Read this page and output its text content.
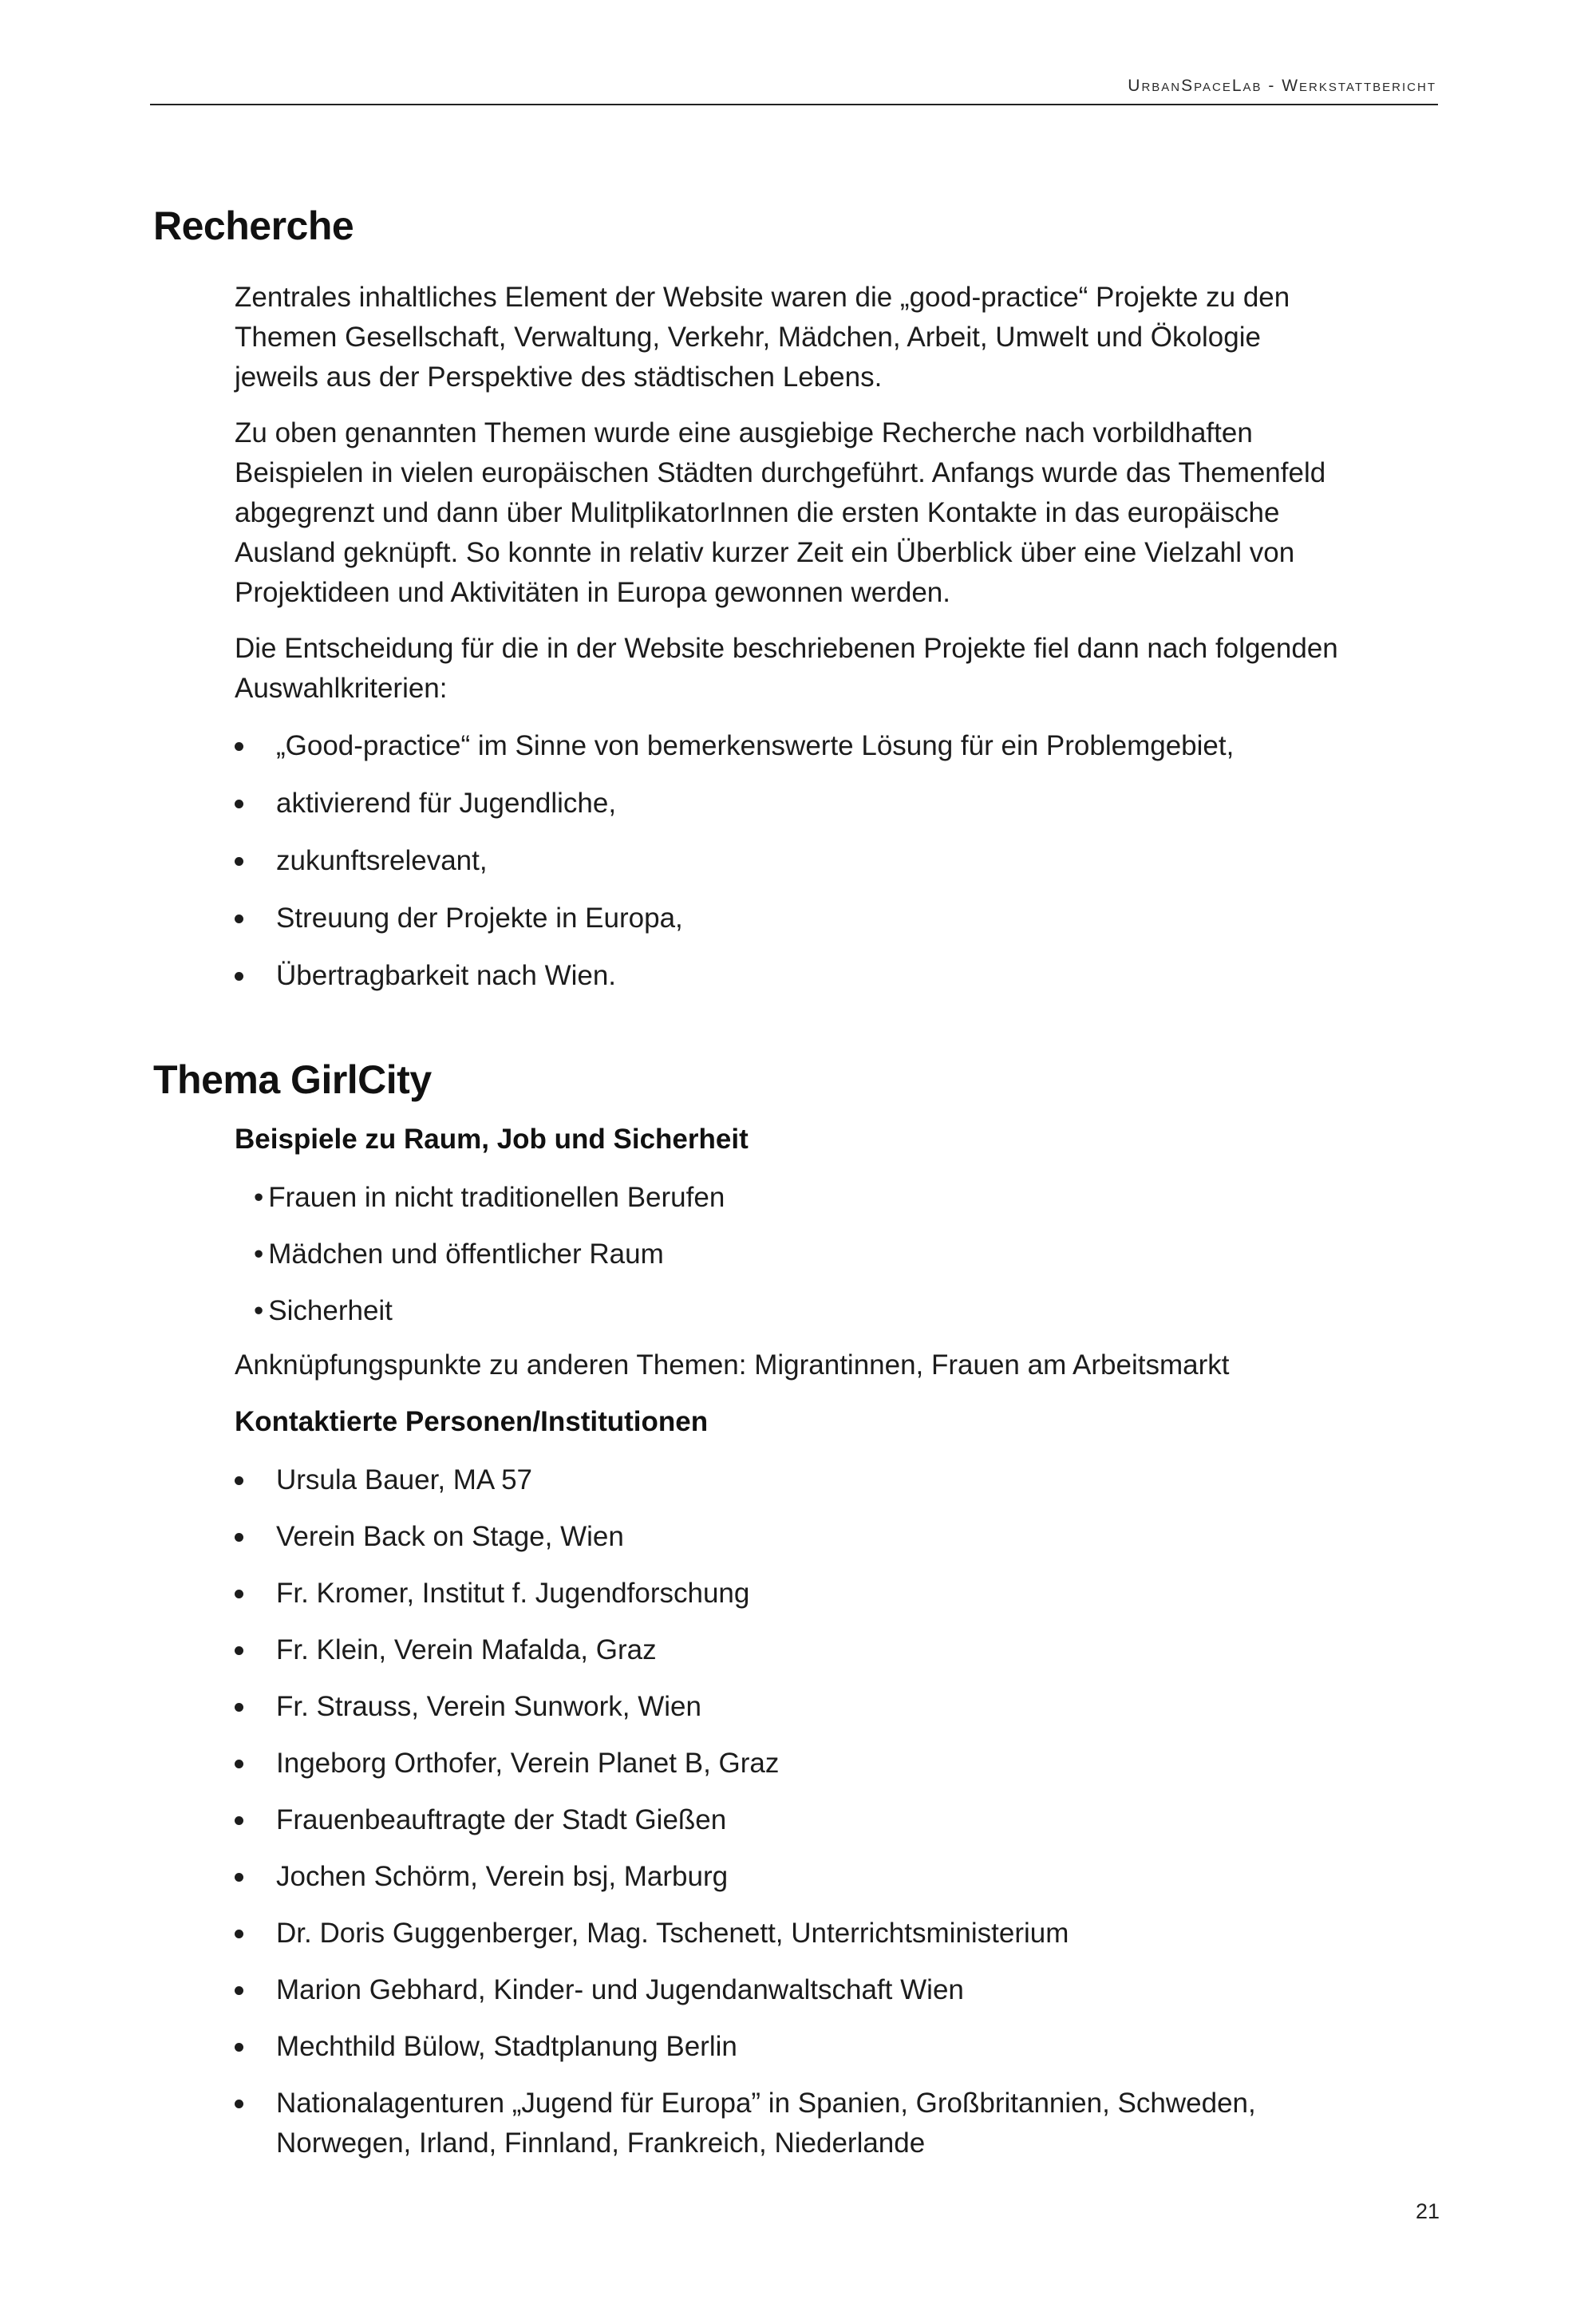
UrbanSpaceLab - Werkstattbericht
Recherche

Zentrales inhaltliches Element der Website waren die „good-practice“ Projekte zu den Themen Gesellschaft, Verwaltung, Verkehr, Mädchen, Arbeit, Umwelt und Ökologie jeweils aus der Perspektive des städtischen Lebens.

Zu oben genannten Themen wurde eine ausgiebige Recherche nach vorbildhaften Beispielen in vielen europäischen Städten durchgeführt. Anfangs wurde das Themenfeld abgegrenzt und dann über MulitplikatorInnen die ersten Kontakte in das europäische Ausland geknüpft. So konnte in relativ kurzer Zeit ein Überblick über eine Vielzahl von Projektideen und Aktivitäten in Europa gewonnen werden.

Die Entscheidung für die in der Website beschriebenen Projekte fiel dann nach folgenden Auswahlkriterien:

„Good-practice“ im Sinne von bemerkenswerte Lösung für ein Problemgebiet,
aktivierend für Jugendliche,
zukunftsrelevant,
Streuung der Projekte in Europa,
Übertragbarkeit nach Wien.
Thema GirlCity
Beispiele zu Raum, Job und Sicherheit
• Frauen in nicht traditionellen Berufen
• Mädchen und öffentlicher Raum
• Sicherheit

Anknüpfungspunkte zu anderen Themen: Migrantinnen, Frauen am Arbeitsmarkt

Kontaktierte Personen/Institutionen
Ursula Bauer, MA 57
Verein Back on Stage, Wien
Fr. Kromer, Institut f. Jugendforschung
Fr. Klein, Verein Mafalda, Graz
Fr. Strauss, Verein Sunwork, Wien
Ingeborg Orthofer, Verein Planet B, Graz
Frauenbeauftragte der Stadt Gießen
Jochen Schörm, Verein bsj, Marburg
Dr. Doris Guggenberger, Mag. Tschenett, Unterrichtsministerium
Marion Gebhard, Kinder- und Jugendanwaltschaft Wien
Mechthild Bülow, Stadtplanung Berlin
Nationalagenturen „Jugend für Europa” in Spanien, Großbritannien, Schweden, Norwegen, Irland, Finnland, Frankreich, Niederlande
21
